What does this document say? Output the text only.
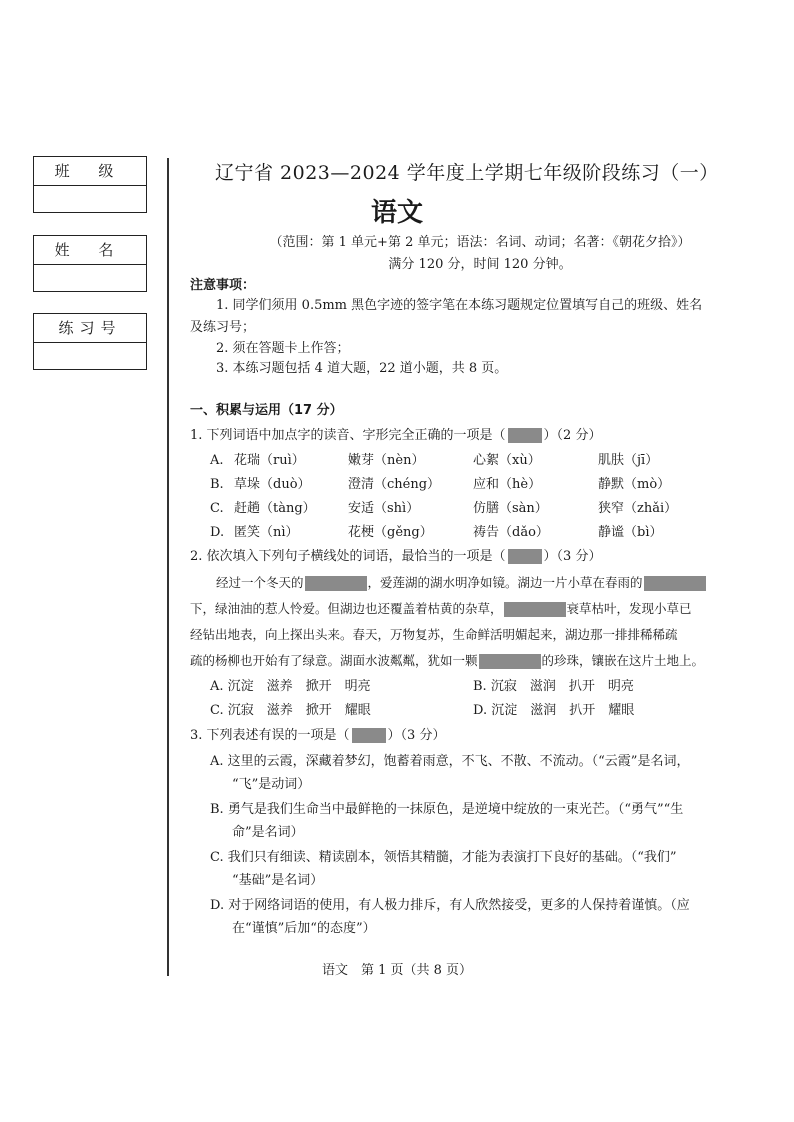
班 级
姓 名
练习号
辽宁省 2023—2024 学年度上学期七年级阶段练习（一）
语文
（范围：第 1 单元+第 2 单元；语法：名词、动词；名著：《朝花夕拾》）
满分 120 分，时间 120 分钟。
注意事项：
1. 同学们须用 0.5mm 黑色字迹的签字笔在本练习题规定位置填写自己的班级、姓名
及练习号；
2. 须在答题卡上作答；
3. 本练习题包括 4 道大题，22 道小题，共 8 页。
一、积累与运用（17 分）
1. 下列词语中加点字的读音、字形完全正确的一项是（	）（2 分）
A. 花瑞（ruì）	嫩芽（nèn）	心絮（xù）	肌肤（jī）
B. 草垛（duò）	澄清（chéng）	应和（hè）	静默（mò）
C. 赶趟（tàng）	安适（shì）	仿膳（sàn）	狭窄（zhǎi）
D. 匿笑（nì）	花梗（gěng）	祷告（dǎo）	静谧（bì）
2. 依次填入下列句子横线处的词语，最恰当的一项是（	）（3 分）
经过一个冬天的	，爱莲湖的湖水明净如镜。湖边一片小草在春雨的
下，绿油油的惹人怜爱。但湖边也还覆盖着枯黄的杂草，	衰草枯叶，发现小草已
经钻出地表，向上探出头来。春天，万物复苏，生命鲜活明媚起来，湖边那一排排稀稀疏
疏的杨柳也开始有了绿意。湖面水波粼粼，犹如一颗	的珍珠，镶嵌在这片土地上。
A. 沉淀　滋养　掀开　明亮	B. 沉寂　滋润　扒开　明亮
C. 沉寂　滋养　掀开　耀眼	D. 沉淀　滋润　扒开　耀眼
3. 下列表述有误的一项是（	）（3 分）
A. 这里的云霞，深藏着梦幻，饱蓄着雨意，不飞、不散、不流动。（“云霞”是名词，
“飞”是动词）
B. 勇气是我们生命当中最鲜艳的一抹原色，是逆境中绽放的一束光芒。（“勇气”“生
命”是名词）
C. 我们只有细读、精读剧本，领悟其精髓，才能为表演打下良好的基础。（“我们”
“基础”是名词）
D. 对于网络词语的使用，有人极力排斥，有人欣然接受，更多的人保持着谨慎。（应
在“谨慎”后加“的态度”）
语文　第 1 页（共 8 页）
